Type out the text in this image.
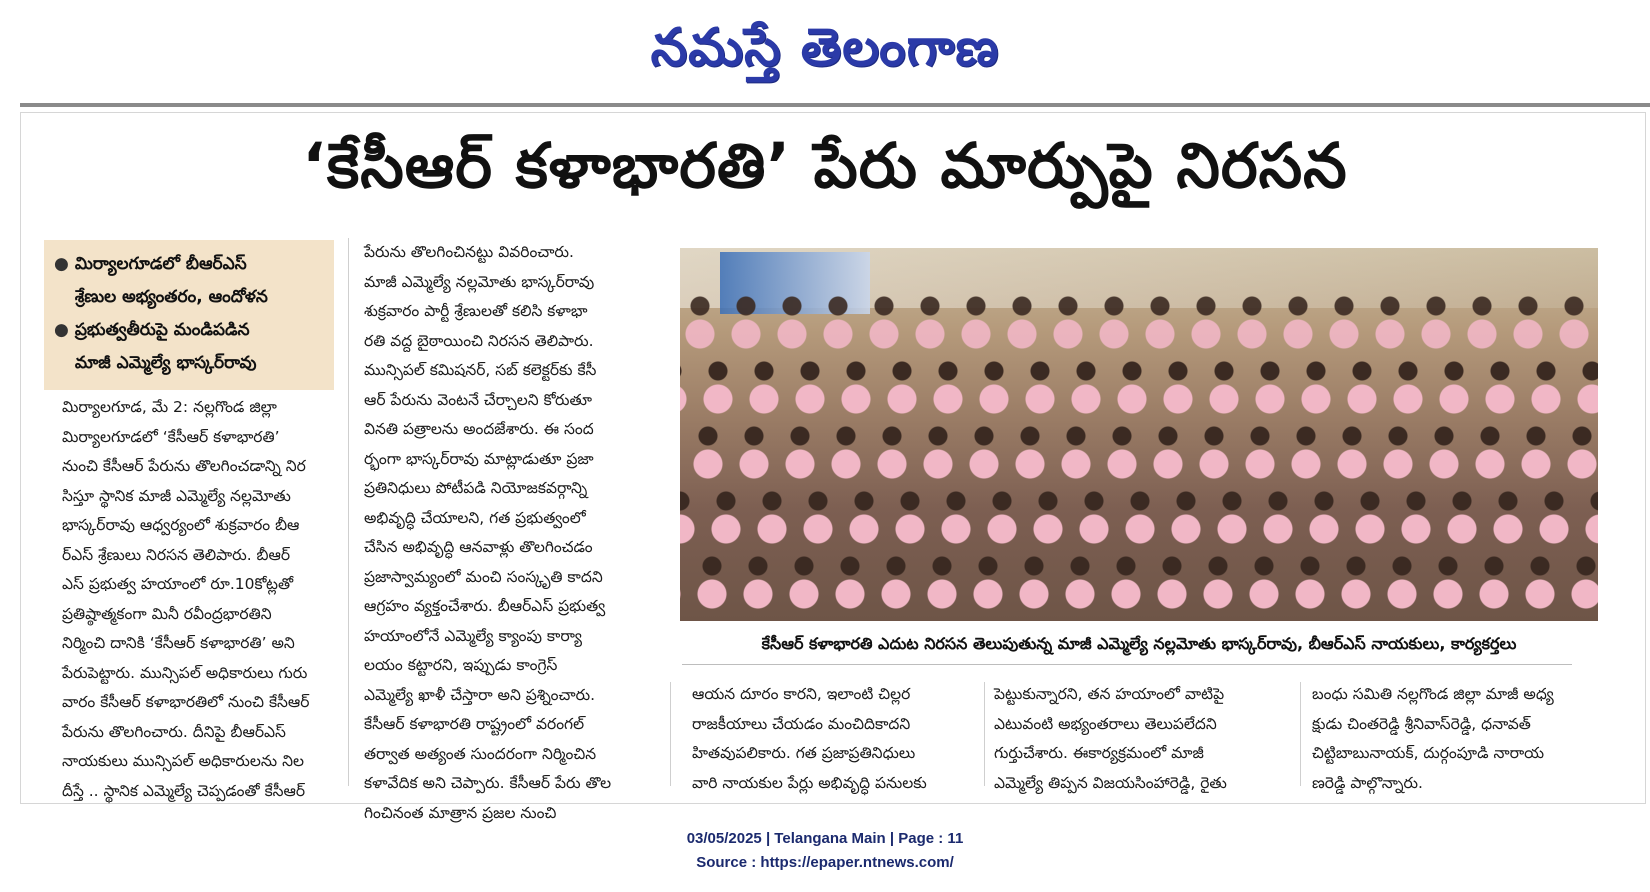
నమస్తే తెలంగాణ
‘కేసీఆర్ కళాభారతి’ పేరు మార్పుపై నిరసన
● మిర్యాలగూడలో బీఆర్‌ఎస్
శ్రేణుల అభ్యంతరం, ఆందోళన
● ప్రభుత్వతీరుపై మండిపడిన
మాజీ ఎమ్మెల్యే భాస్కర్‌రావు
మిర్యాలగూడ, మే 2: నల్లగొండ జిల్లా
మిర్యాలగూడలో ‘కేసీఆర్ కళాభారతి’
నుంచి కేసీఆర్ పేరును తొలగించడాన్ని నిర
సిస్తూ స్థానిక మాజీ ఎమ్మెల్యే నల్లమోతు
భాస్కర్‌రావు ఆధ్వర్యంలో శుక్రవారం బీఆ
ర్‌ఎస్ శ్రేణులు నిరసన తెలిపారు. బీఆర్
ఎస్ ప్రభుత్వ హయాంలో రూ.10కోట్లతో
ప్రతిష్ఠాత్మకంగా మినీ రవీంద్రభారతిని
నిర్మించి దానికి ‘కేసీఆర్ కళాభారతి’ అని
పేరుపెట్టారు. మున్సిపల్ అధికారులు గురు
వారం కేసీఆర్ కళాభారతిలో నుంచి కేసీఆర్
పేరును తొలగించారు. దీనిపై బీఆర్‌ఎస్
నాయకులు మున్సిపల్ అధికారులను నిల
దీస్తే .. స్థానిక ఎమ్మెల్యే చెప్పడంతో కేసీఆర్
పేరును తొలగించినట్టు వివరించారు.
మాజీ ఎమ్మెల్యే నల్లమోతు భాస్కర్‌రావు
శుక్రవారం పార్టీ శ్రేణులతో కలిసి కళాభా
రతి వద్ద బైఠాయించి నిరసన తెలిపారు.
మున్సిపల్ కమిషనర్, సబ్ కలెక్టర్‌కు కేసీ
ఆర్ పేరును వెంటనే చేర్చాలని కోరుతూ
వినతి పత్రాలను అందజేశారు. ఈ సంద
ర్భంగా భాస్కర్‌రావు మాట్లాడుతూ ప్రజా
ప్రతినిధులు పోటీపడి నియోజకవర్గాన్ని
అభివృద్ధి చేయాలని, గత ప్రభుత్వంలో
చేసిన అభివృద్ధి ఆనవాళ్లు తొలగించడం
ప్రజాస్వామ్యంలో మంచి సంస్కృతి కాదని
ఆగ్రహం వ్యక్తంచేశారు. బీఆర్‌ఎస్ ప్రభుత్వ
హయాంలోనే ఎమ్మెల్యే క్యాంపు కార్యా
లయం కట్టారని, ఇప్పుడు కాంగ్రెస్
ఎమ్మెల్యే ఖాళీ చేస్తారా అని ప్రశ్నించారు.
కేసీఆర్ కళాభారతి రాష్ట్రంలో వరంగల్
తర్వాత అత్యంత సుందరంగా నిర్మించిన
కళావేదిక అని చెప్పారు. కేసీఆర్ పేరు తొల
గించినంత మాత్రాన ప్రజల నుంచి
కేసీఆర్ కళాభారతి ఎదుట నిరసన తెలుపుతున్న మాజీ ఎమ్మెల్యే నల్లమోతు భాస్కర్‌రావు, బీఆర్‌ఎస్ నాయకులు, కార్యకర్తలు
ఆయన దూరం కారని, ఇలాంటి చిల్లర
రాజకీయాలు చేయడం మంచిదికాదని
హితవుపలికారు. గత ప్రజాప్రతినిధులు
వారి నాయకుల పేర్లు అభివృద్ధి పనులకు
పెట్టుకున్నారని, తన హయాంలో వాటిపై
ఎటువంటి అభ్యంతరాలు తెలుపలేదని
గుర్తుచేశారు. ఈకార్యక్రమంలో మాజీ
ఎమ్మెల్యే తిప్పన విజయసింహారెడ్డి, రైతు
బంధు సమితి నల్లగొండ జిల్లా మాజీ అధ్య
క్షుడు చింతరెడ్డి శ్రీనివాస్‌రెడ్డి, ధనావత్
చిట్టిబాబునాయక్, దుర్గంపూడి నారాయ
ణరెడ్డి పాల్గొన్నారు.
03/05/2025 | Telangana Main | Page : 11
Source : https://epaper.ntnews.com/
